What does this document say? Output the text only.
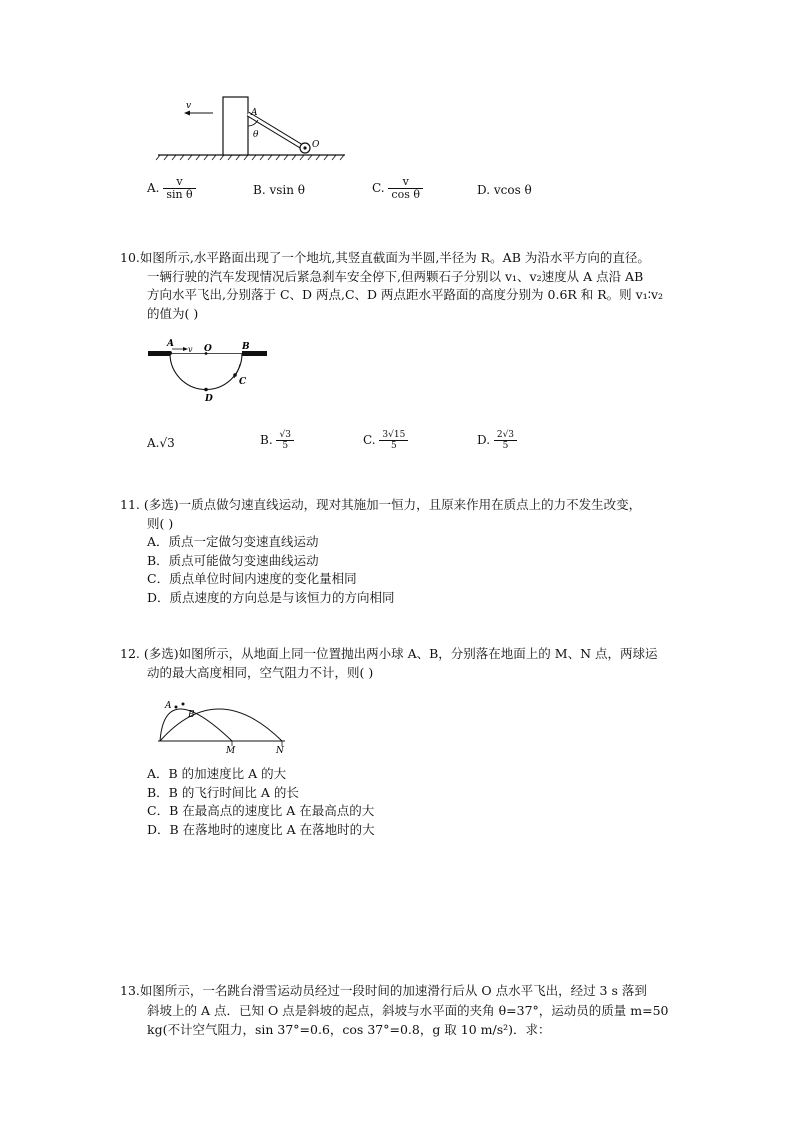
v
A
θ
O
A. $\frac{v}{\text{sin θ}}$	B. vsin θ	C. $\frac{v}{\text{cos θ}}$	D. vcos θ
10.如图所示,水平路面出现了一个地坑,其竖直截面为半圆,半径为 R。AB 为沿水平方向的直径。
一辆行驶的汽车发现情况后紧急刹车安全停下,但两颗石子分别以 v₁、v₂速度从 A 点沿 AB
方向水平飞出,分别落于 C、D 两点,C、D 两点距水平路面的高度分别为 0.6R 和 R。则 v₁∶v₂
的值为( )
A
v O	B
C
D
A.√3	B. $\frac{√3}{5}$	C. $\frac{3√15}{5}$	D. $\frac{2√3}{5}$
11. (多选)一质点做匀速直线运动，现对其施加一恒力，且原来作用在质点上的力不发生改变，
则( )
A．质点一定做匀变速直线运动
B．质点可能做匀变速曲线运动
C．质点单位时间内速度的变化量相同
D．质点速度的方向总是与该恒力的方向相同
12. (多选)如图所示，从地面上同一位置抛出两小球 A、B，分别落在地面上的 M、N 点，两球运
动的最大高度相同，空气阻力不计，则( )
A
B
M	N
A．B 的加速度比 A 的大
B．B 的飞行时间比 A 的长
C．B 在最高点的速度比 A 在最高点的大
D．B 在落地时的速度比 A 在落地时的大
13.如图所示，一名跳台滑雪运动员经过一段时间的加速滑行后从 O 点水平飞出，经过 3 s 落到
斜坡上的 A 点．已知 O 点是斜坡的起点，斜坡与水平面的夹角 θ=37°，运动员的质量 m=50
kg(不计空气阻力，sin 37°=0.6，cos 37°=0.8，g 取 10 m/s²)．求：
